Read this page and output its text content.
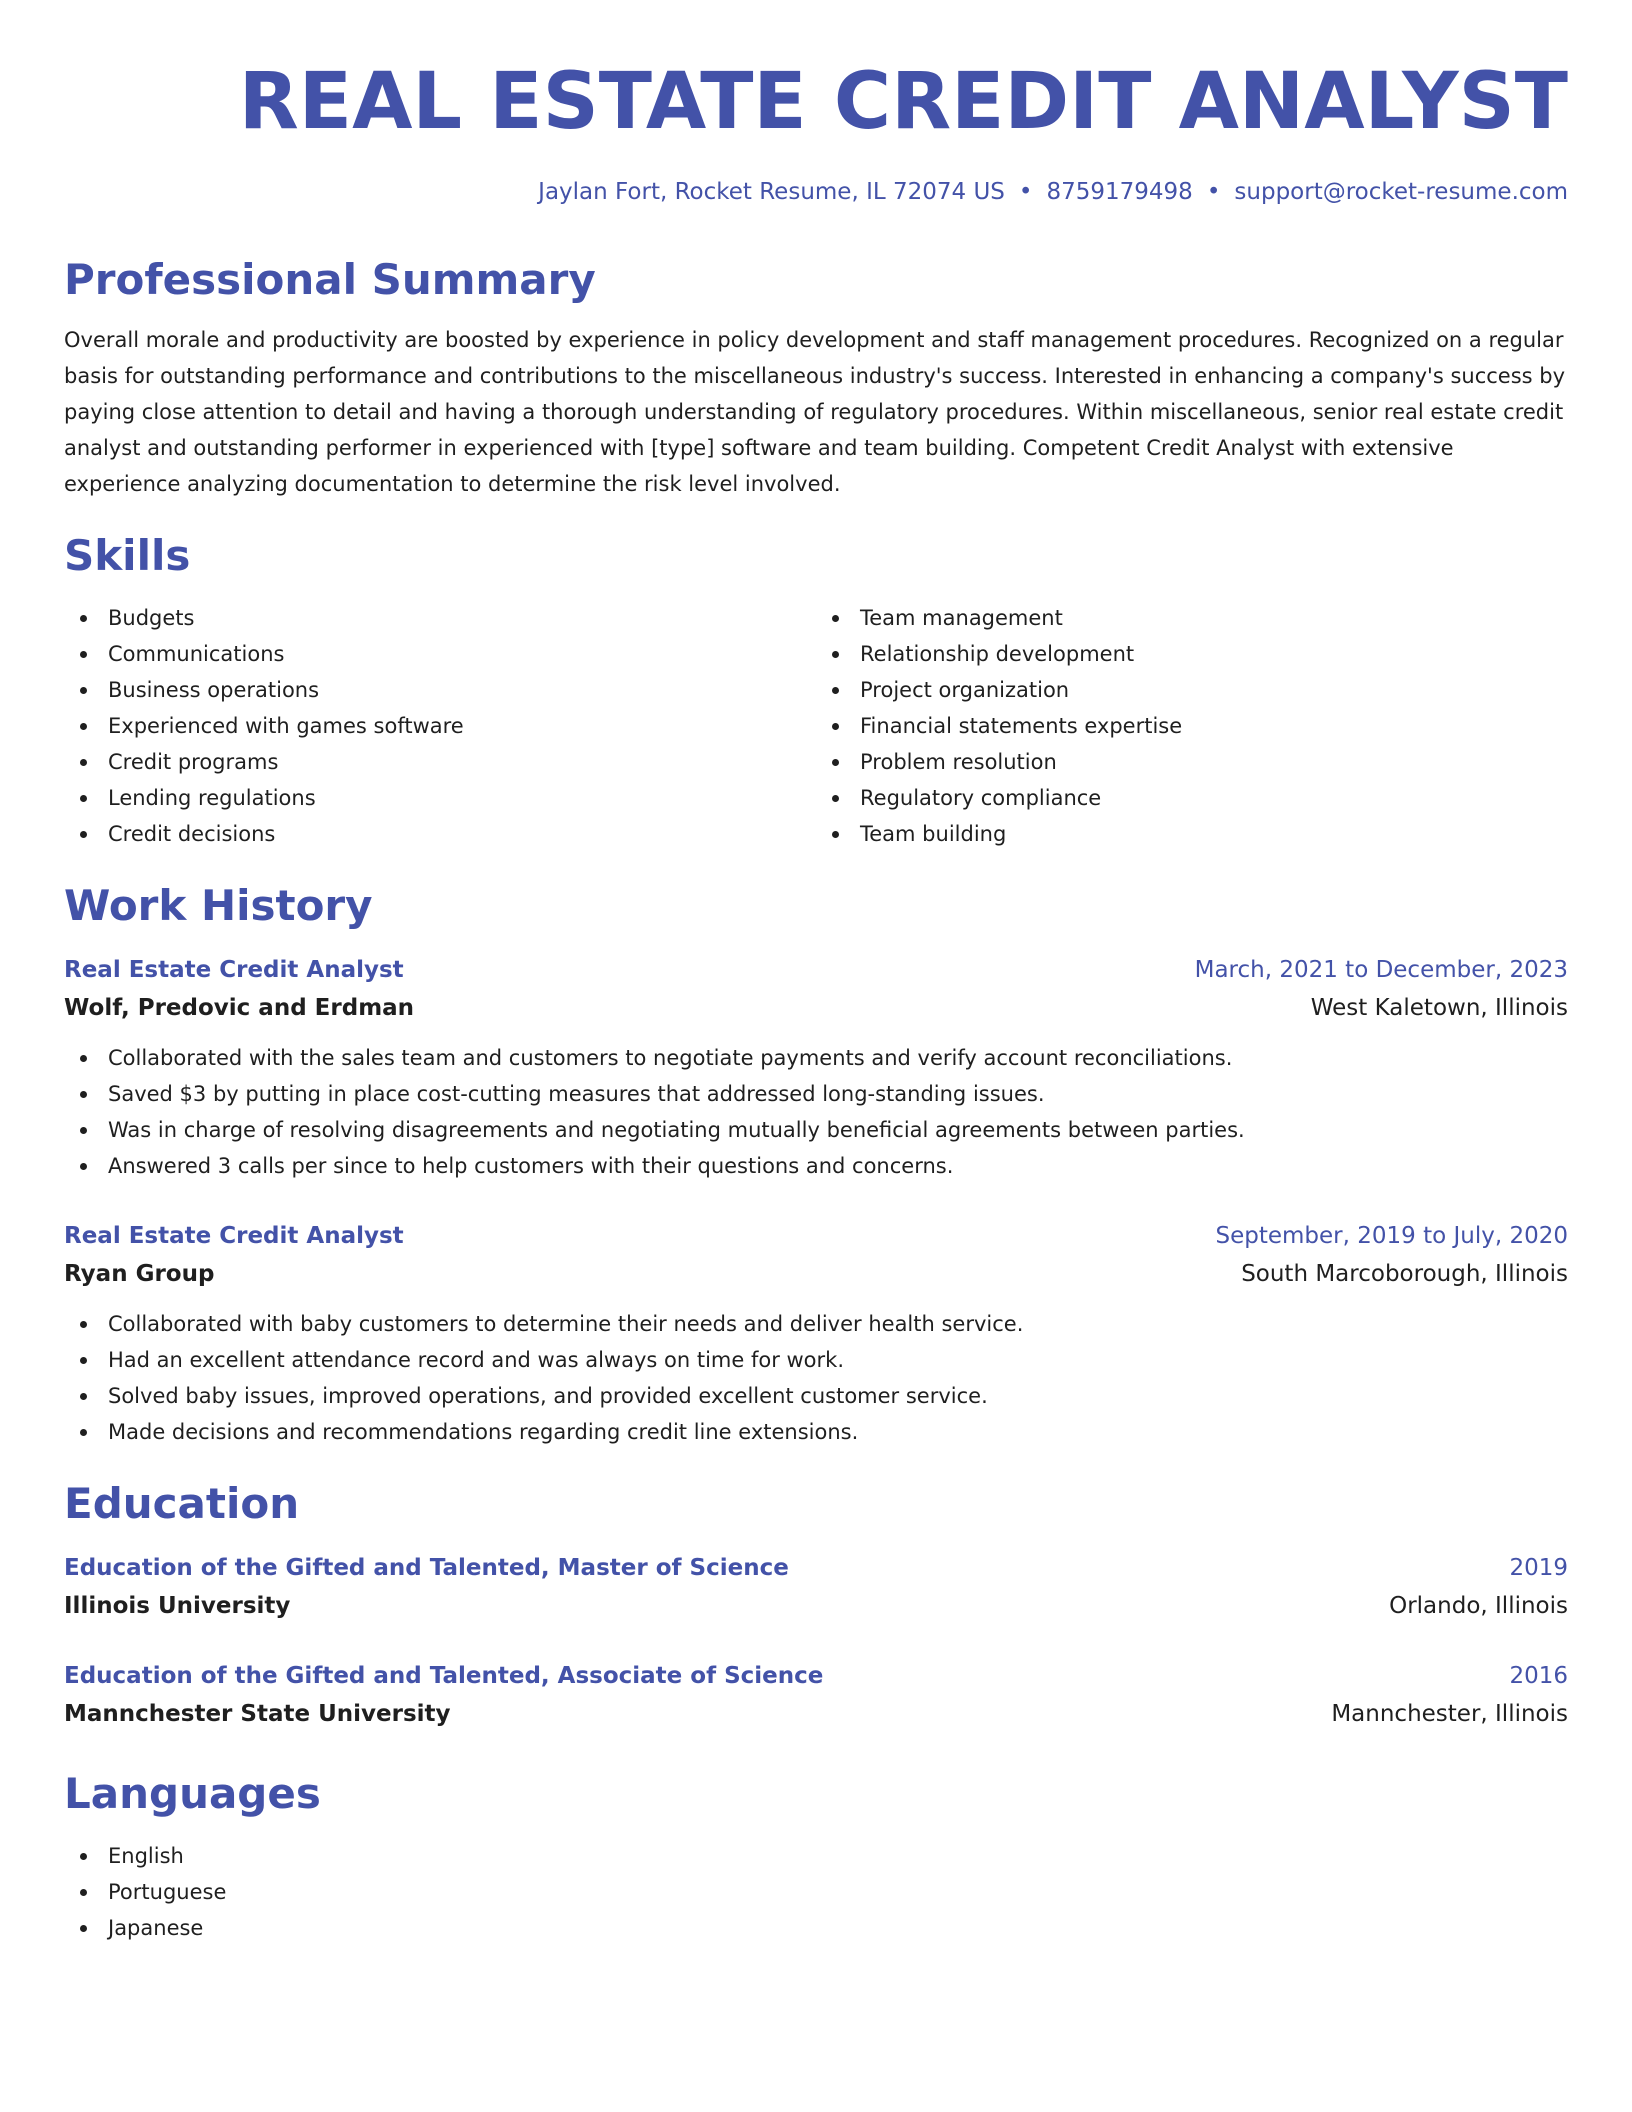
REAL ESTATE CREDIT ANALYST
Jaylan Fort, Rocket Resume, IL 72074 US • 8759179498 • support@rocket-resume.com
Professional Summary
Overall morale and productivity are boosted by experience in policy development and staff management procedures. Recognized on a regular basis for outstanding performance and contributions to the miscellaneous industry's success. Interested in enhancing a company's success by paying close attention to detail and having a thorough understanding of regulatory procedures. Within miscellaneous, senior real estate credit analyst and outstanding performer in experienced with [type] software and team building. Competent Credit Analyst with extensive experience analyzing documentation to determine the risk level involved.
Skills
Budgets
Communications
Business operations
Experienced with games software
Credit programs
Lending regulations
Credit decisions
Team management
Relationship development
Project organization
Financial statements expertise
Problem resolution
Regulatory compliance
Team building
Work History
Real Estate Credit Analyst	March, 2021 to December, 2023
Wolf, Predovic and Erdman	West Kaletown, Illinois
Collaborated with the sales team and customers to negotiate payments and verify account reconciliations.
Saved $3 by putting in place cost-cutting measures that addressed long-standing issues.
Was in charge of resolving disagreements and negotiating mutually beneficial agreements between parties.
Answered 3 calls per since to help customers with their questions and concerns.
Real Estate Credit Analyst	September, 2019 to July, 2020
Ryan Group	South Marcoborough, Illinois
Collaborated with baby customers to determine their needs and deliver health service.
Had an excellent attendance record and was always on time for work.
Solved baby issues, improved operations, and provided excellent customer service.
Made decisions and recommendations regarding credit line extensions.
Education
Education of the Gifted and Talented, Master of Science	2019
Illinois University	Orlando, Illinois
Education of the Gifted and Talented, Associate of Science	2016
Mannchester State University	Mannchester, Illinois
Languages
English
Portuguese
Japanese
